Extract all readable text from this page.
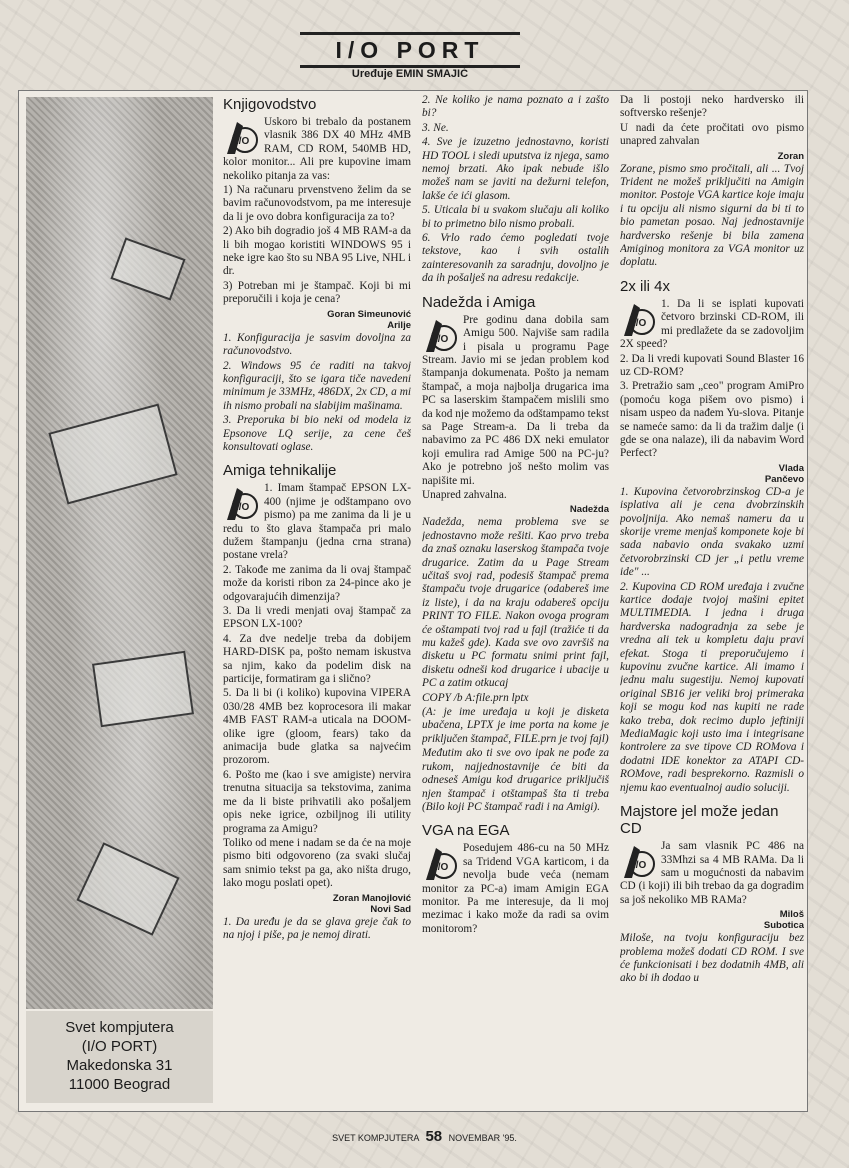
I/O PORT
Uređuje EMIN SMAJIĆ
Svet kompjutera
(I/O PORT)
Makedonska 31
11000 Beograd
Knjigovodstvo
I/O

Uskoro bi trebalo da postanem vlasnik 386 DX 40 MHz 4MB RAM, CD ROM, 540MB HD, kolor monitor... Ali pre kupovine imam nekoliko pitanja za vas:

1) Na računaru prvenstveno želim da se bavim računovodstvom, pa me interesuje da li je ovo dobra konfiguracija za to?

2) Ako bih dogradio još 4 MB RAM-a da li bih mogao koristiti WINDOWS 95 i neke igre kao što su NBA 95 Live, NHL i dr.

3) Potreban mi je štampač. Koji bi mi preporučili i koja je cena?

Goran Simeunović
Arilje

1. Konfiguracija je sasvim dovoljna za računovodstvo.

2. Windows 95 će raditi na takvoj konfiguraciji, što se igara tiče navedeni minimum je 33MHz, 486DX, 2x CD, a mi ih nismo probali na slabijim mašinama.

3. Preporuka bi bio neki od modela iz Epsonove LQ serije, za cene češ konsultovati oglase.

Amiga tehnikalije
I/O

1. Imam štampač EPSON LX-400 (njime je odštampano ovo pismo) pa me zanima da li je u redu to što glava štampača pri malo dužem štampanju (jedna crna strana) postane vrela?

2. Takođe me zanima da li ovaj štampač može da koristi ribon za 24-pince ako je odgovarajućih dimenzija?

3. Da li vredi menjati ovaj štampač za EPSON LX-100?

4. Za dve nedelje treba da dobijem HARD-DISK pa, pošto nemam iskustva sa njim, kako da podelim disk na particije, formatiram ga i slično?

5. Da li bi (i koliko) kupovina VIPERA 030/28 4MB bez koprocesora ili makar 4MB FAST RAM-a uticala na DOOM-olike igre (gloom, fears) tako da animacija bude glatka sa najvećim prozorom.

6. Pošto me (kao i sve amigiste) nervira trenutna situacija sa tekstovima, zanima me da li biste prihvatili ako pošaljem opis neke igrice, ozbiljnog ili utility programa za Amigu?

Toliko od mene i nadam se da će na moje pismo biti odgovoreno (za svaki slučaj sam snimio tekst pa ga, ako ništa drugo, lako mogu poslati opet).

Zoran Manojlović
Novi Sad

1. Da uređu je da se glava greje čak to na njoj i piše, pa je nemoj dirati.

2. Ne koliko je nama poznato a i zašto bi?

3. Ne.

4. Sve je izuzetno jednostavno, koristi HD TOOL i sledi uputstva iz njega, samo nemoj brzati. Ako ipak nebude išlo možeš nam se javiti na dežurni telefon, lakše će ići glasom.

5. Uticala bi u svakom slučaju ali koliko bi to primetno bilo nismo probali.

6. Vrlo rado ćemo pogledati tvoje tekstove, kao i svih ostalih zainteresovanih za saradnju, dovoljno je da ih pošalješ na adresu redakcije.

Nadežda i Amiga
I/O

Pre godinu dana dobila sam Amigu 500. Najviše sam radila i pisala u programu Page Stream. Javio mi se jedan problem kod štampanja dokumenata. Pošto ja nemam štampač, a moja najbolja drugarica ima PC sa laserskim štampačem mislili smo da kod nje možemo da odštampamo tekst sa Page Stream-a. Da li treba da nabavimo za PC 486 DX neki emulator koji emulira rad Amige 500 na PC-ju? Ako je potrebno još nešto molim vas napišite mi.

Unapred zahvalna.

Nadežda

Nadežda, nema problema sve se jednostavno može rešiti. Kao prvo treba da znaš oznaku laserskog štampača tvoje drugarice. Zatim da u Page Stream učitaš svoj rad, podesiš štampač prema štampaču tvoje drugarice (odabereš ime iz liste), i da na kraju odabereš opciju PRINT TO FILE. Nakon ovoga program će oštampati tvoj rad u fajl (tražiće ti da mu kažeš gde). Kada sve ovo završiš na disketu u PC formatu snimi print fajl, disketu odneši kod drugarice i ubacije u PC a zatim otkucaj

COPY /b A:file.prn lptx

(A: je ime uređaja u koji je disketa ubačena, LPTX je ime porta na kome je priključen štampač, FILE.prn je tvoj fajl)

Međutim ako ti sve ovo ipak ne pođe za rukom, najjednostavnije će biti da odneseš Amigu kod drugarice priključiš njen štampač i otštampaš šta ti treba (Bilo koji PC štampač radi i na Amigi).

VGA na EGA
I/O

Posedujem 486-cu na 50 MHz sa Tridend VGA karticom, i da nevolja bude veća (nemam monitor za PC-a) imam Amigin EGA monitor. Pa me interesuje, da li moj mezimac i kako može da radi sa ovim monitorom?

Da li postoji neko hardversko ili softversko rešenje?

U nadi da ćete pročitati ovo pismo unapred zahvalan

Zoran

Zorane, pismo smo pročitali, ali ... Tvoj Trident ne možeš priključiti na Amigin monitor. Postoje VGA kartice koje imaju i tu opciju ali nismo sigurni da bi ti to bio pametan posao. Naj jednostavnije hardversko rešenje bi bila zamena Amiginog monitora za VGA monitor uz doplatu.

2x ili 4x
I/O

1. Da li se isplati kupovati četvoro brzinski CD-ROM, ili mi predlažete da se zadovoljim 2X speed?

2. Da li vredi kupovati Sound Blaster 16 uz CD-ROM?

3. Pretražio sam „ceo" program AmiPro (pomoću koga pišem ovo pismo) i nisam uspeo da nađem Yu-slova. Pitanje se nameće samo: da li da tražim dalje (i gde se ona nalaze), ili da nabavim Word Perfect?

Vlada
Pančevo

1. Kupovina četvorobrzinskog CD-a je isplativa ali je cena dvobrzinskih povoljnija. Ako nemaš nameru da u skorije vreme menjaš komponete koje bi sada nabavio onda svakako uzmi četvorobrzinski CD jer „i petlu vreme ide" ...

2. Kupovina CD ROM uređaja i zvučne kartice dodaje tvojoj mašini epitet MULTIMEDIA. I jedna i druga hardverska nadogradnja za sebe je vredna ali tek u kompletu daju pravi efekat. Stoga ti preporučujemo i kupovinu zvučne kartice. Ali imamo i jednu malu sugestiju. Nemoj kupovati original SB16 jer veliki broj primeraka koji se mogu kod nas kupiti ne rade kako treba, dok recimo duplo jeftiniji MediaMagic koji usto ima i integrisane kontrolere za sve tipove CD ROMova i dodatni IDE konektor za ATAPI CD-ROMove, radi besprekorno. Razmisli o njemu kao eventualnoj audio soluciji.

Majstore jel može jedan CD
I/O

Ja sam vlasnik PC 486 na 33Mhzi sa 4 MB RAMa. Da li sam u mogućnosti da nabavim CD (i koji) ili bih trebao da ga dogradim sa još nekoliko MB RAMa?

Miloš
Subotica

Miloše, na tvoju konfiguraciju bez problema možeš dodati CD ROM. I sve će funkcionisati i bez dodatnih 4MB, ali ako bi ih dodao u

SVET KOMPJUTERA 58 NOVEMBAR '95.
